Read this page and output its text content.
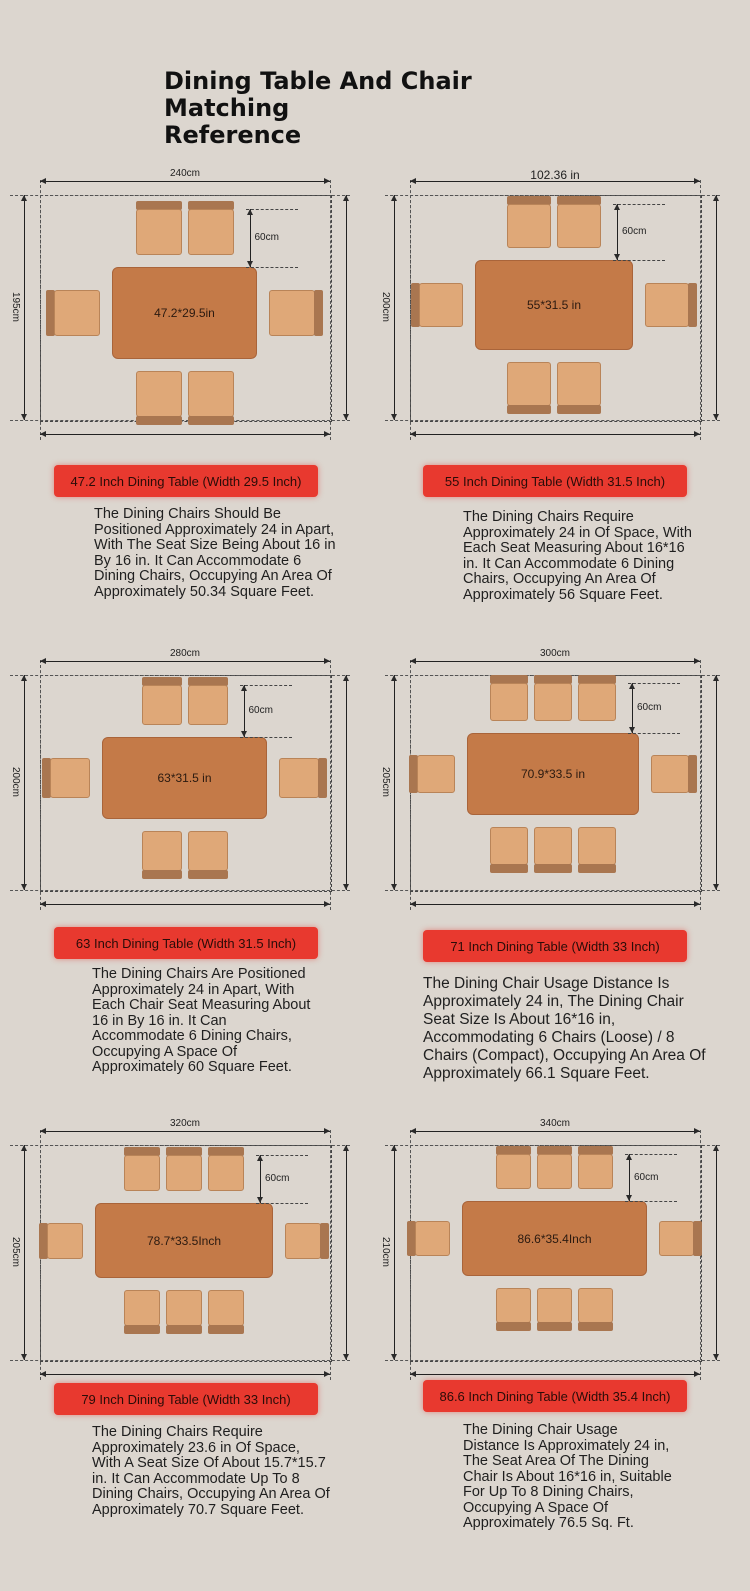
Dining Table And Chair Matching
Reference
240cm
195cm	47.2*29.5in
60cm
47.2 Inch Dining Table (Width 29.5 Inch)
The Dining Chairs Should Be Positioned Approximately 24 in Apart, With The Seat Size Being About 16 in By 16 in. It Can Accommodate 6 Dining Chairs, Occupying An Area Of Approximately 50.34 Square Feet.
102.36 in
200cm	55*31.5 in
60cm
55 Inch Dining Table (Width 31.5 Inch)
The Dining Chairs Require Approximately 24 in Of Space, With Each Seat Measuring About 16*16 in. It Can Accommodate 6 Dining Chairs, Occupying An Area Of Approximately 56 Square Feet.
280cm
200cm	63*31.5 in
60cm
63 Inch Dining Table (Width 31.5 Inch)
The Dining Chairs Are Positioned Approximately 24 in Apart, With Each Chair Seat Measuring About 16 in By 16 in. It Can Accommodate 6 Dining Chairs, Occupying A Space Of Approximately 60 Square Feet.
300cm
205cm	70.9*33.5 in
60cm
71 Inch Dining Table (Width 33 Inch)
The Dining Chair Usage Distance Is Approximately 24 in, The Dining Chair Seat Size Is About 16*16 in, Accommodating 6 Chairs (Loose) / 8 Chairs (Compact), Occupying An Area Of Approximately 66.1 Square Feet.
320cm
205cm	78.7*33.5Inch
60cm
79 Inch Dining Table (Width 33 Inch)
The Dining Chairs Require Approximately 23.6 in Of Space, With A Seat Size Of About 15.7*15.7 in. It Can Accommodate Up To 8 Dining Chairs, Occupying An Area Of Approximately 70.7 Square Feet.
340cm
210cm	86.6*35.4Inch
60cm
86.6 Inch Dining Table (Width 35.4 Inch)
The Dining Chair Usage Distance Is Approximately 24 in, The Seat Area Of The Dining Chair Is About 16*16 in, Suitable For Up To 8 Dining Chairs, Occupying A Space Of Approximately 76.5 Sq. Ft.
